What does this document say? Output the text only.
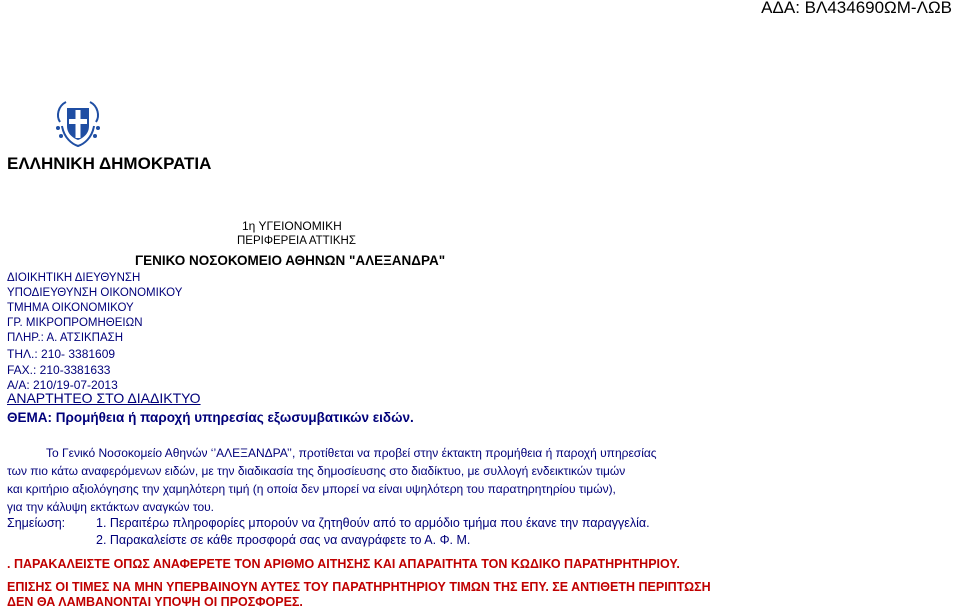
ΑΔΑ: ΒΛ434690ΩΜ-ΛΩΒ
ΕΛΛΗΝΙΚΗ ΔΗΜΟΚΡΑΤΙΑ
1η ΥΓΕΙΟΝΟΜΙΚΗ
ΠΕΡΙΦΕΡΕΙΑ ΑΤΤΙΚΗΣ
ΓΕΝΙΚΟ ΝΟΣΟΚΟΜΕΙΟ ΑΘΗΝΩΝ "ΑΛΕΞΑΝΔΡΑ"
ΔΙΟΙΚΗΤΙΚΗ ΔΙΕΥΘΥΝΣΗ
ΥΠΟΔΙΕΥΘΥΝΣΗ ΟΙΚΟΝΟΜΙΚΟΥ
ΤΜΗΜΑ ΟΙΚΟΝΟΜΙΚΟΥ
ΓΡ. ΜΙΚΡΟΠΡΟΜΗΘΕΙΩΝ
ΠΛΗΡ.: Α. ΑΤΣΙΚΠΑΣΗ
ΤΗΛ.: 210- 3381609
FAX.: 210-3381633
Α/Α: 210/19-07-2013
ΑΝΑΡΤΗΤΕΟ ΣΤΟ ΔΙΑΔΙΚΤΥΟ
ΘΕΜΑ: Προμήθεια ή παροχή υπηρεσίας εξωσυμβατικών ειδών.
Το Γενικό Νοσοκομείο Αθηνών ‘’ΑΛΕΞΑΝΔΡΑ’’, προτίθεται να προβεί στην έκτακτη προμήθεια ή παροχή υπηρεσίας
των πιο κάτω αναφερόμενων ειδών, με την διαδικασία της δημοσίευσης στο διαδίκτυο, με συλλογή ενδεικτικών τιμών
και κριτήριο αξιολόγησης την χαμηλότερη τιμή (η οποία δεν μπορεί να είναι υψηλότερη του παρατηρητηρίου τιμών),
για την κάλυψη εκτάκτων αναγκών του.
Σημείωση: 1. Περαιτέρω πληροφορίες μπορούν να ζητηθούν από το αρμόδιο τμήμα που έκανε την παραγγελία.
2. Παρακαλείστε σε κάθε προσφορά σας να αναγράφετε το Α. Φ. Μ.
. ΠΑΡΑΚΑΛΕΙΣΤΕ ΟΠΩΣ ΑΝΑΦΕΡΕΤΕ ΤΟΝ ΑΡΙΘΜΟ ΑΙΤΗΣΗΣ ΚΑΙ ΑΠΑΡΑΙΤΗΤΑ ΤΟΝ ΚΩΔΙΚΟ ΠΑΡΑΤΗΡΗΤΗΡΙΟΥ.
ΕΠΙΣΗΣ ΟΙ ΤΙΜΕΣ ΝΑ ΜΗΝ ΥΠΕΡΒΑΙΝΟΥΝ ΑΥΤΕΣ ΤΟΥ ΠΑΡΑΤΗΡΗΤΗΡΙΟΥ ΤΙΜΩΝ ΤΗΣ ΕΠΥ. ΣΕ ΑΝΤΙΘΕΤΗ ΠΕΡΙΠΤΩΣΗ
ΔΕΝ ΘΑ ΛΑΜΒΑΝΟΝΤΑΙ ΥΠΟΨΗ ΟΙ ΠΡΟΣΦΟΡΕΣ.
